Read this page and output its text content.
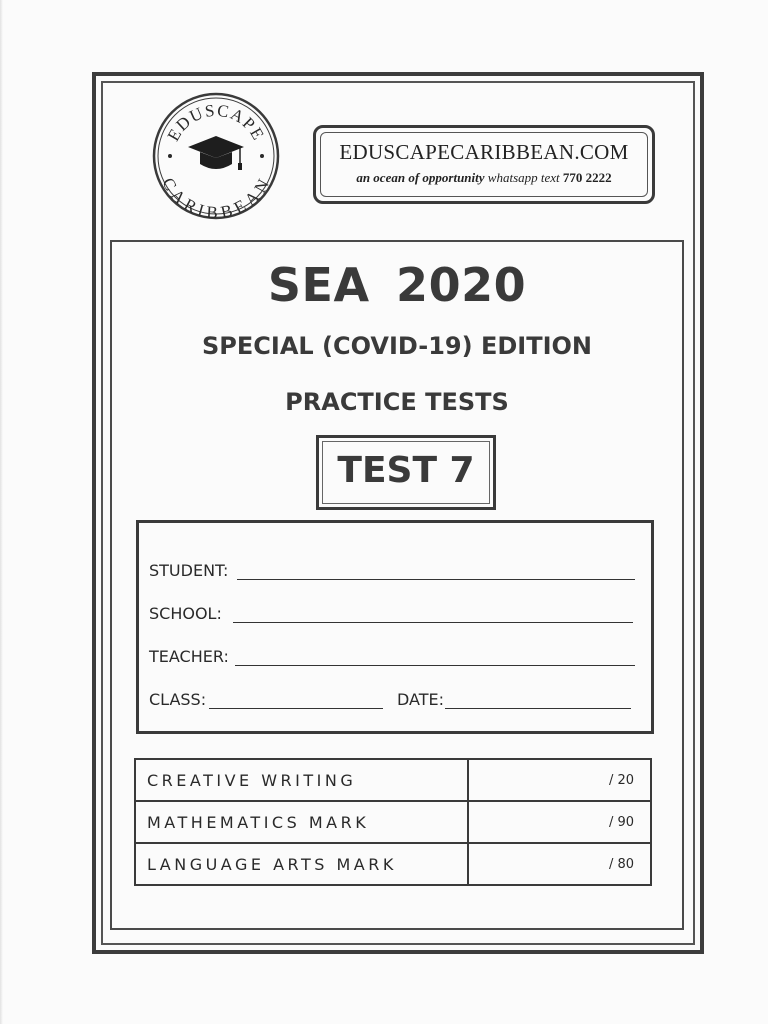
EDUSCAPE
CARIBBEAN
EDUSCAPECARIBBEAN.COM
an ocean of opportunity whatsapp text 770 2222
SEA 2020
SPECIAL (COVID-19) EDITION
PRACTICE TESTS
TEST 7
STUDENT:
SCHOOL:
TEACHER:
CLASS:	DATE:
CREATIVE WRITING	/ 20
MATHEMATICS MARK	/ 90
LANGUAGE ARTS MARK	/ 80
